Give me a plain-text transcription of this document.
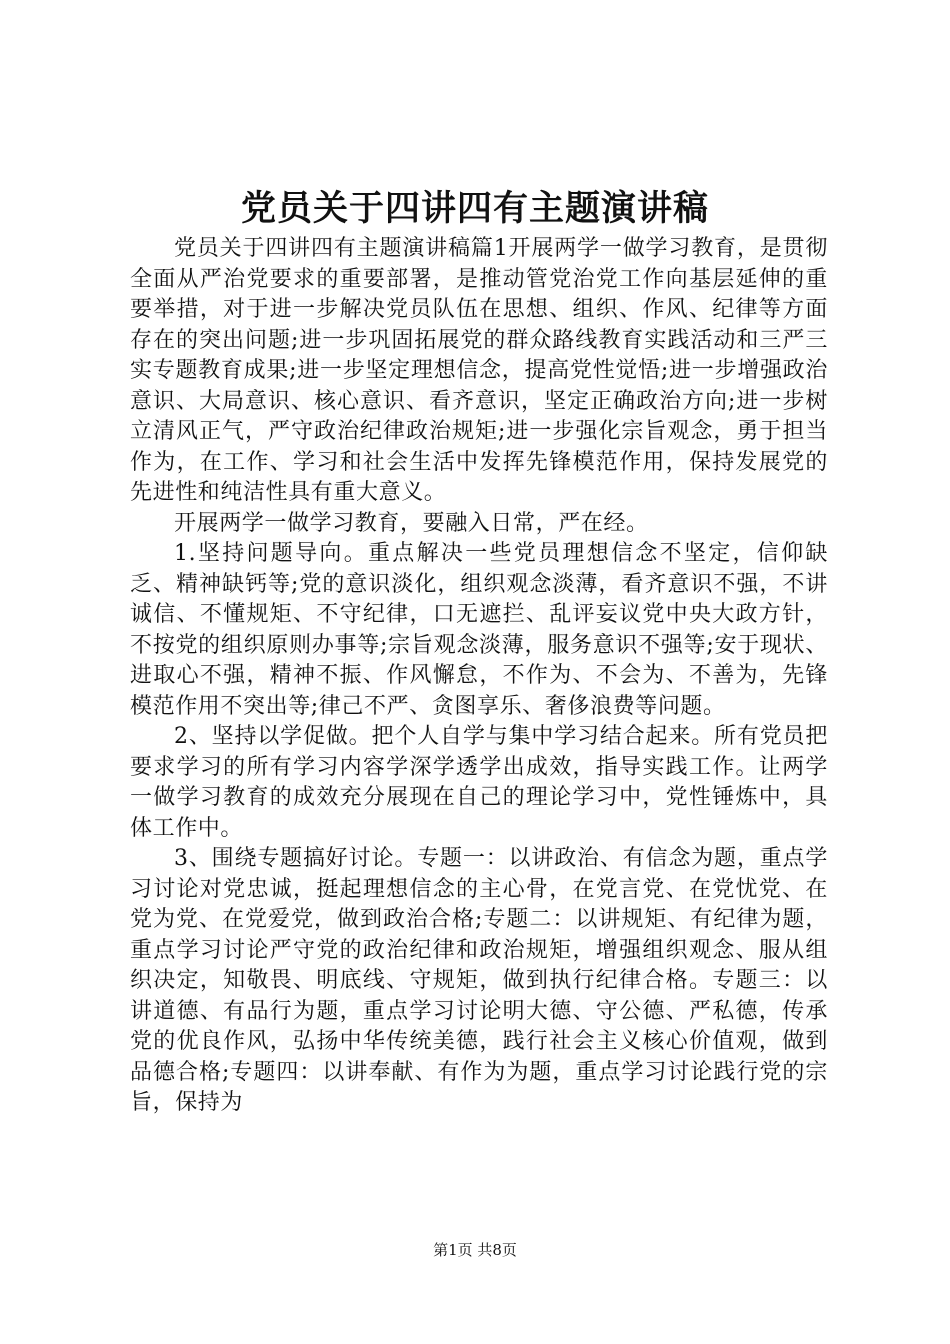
党员关于四讲四有主题演讲稿

党员关于四讲四有主题演讲稿篇1开展两学一做学习教育，是贯彻全面从严治党要求的重要部署，是推动管党治党工作向基层延伸的重要举措，对于进一步解决党员队伍在思想、组织、作风、纪律等方面存在的突出问题;进一步巩固拓展党的群众路线教育实践活动和三严三实专题教育成果;进一步坚定理想信念，提高党性觉悟;进一步增强政治意识、大局意识、核心意识、看齐意识，坚定正确政治方向;进一步树立清风正气，严守政治纪律政治规矩;进一步强化宗旨观念，勇于担当作为，在工作、学习和社会生活中发挥先锋模范作用，保持发展党的先进性和纯洁性具有重大意义。

开展两学一做学习教育，要融入日常，严在经。

1.坚持问题导向。重点解决一些党员理想信念不坚定，信仰缺乏、精神缺钙等;党的意识淡化，组织观念淡薄，看齐意识不强，不讲诚信、不懂规矩、不守纪律，口无遮拦、乱评妄议党中央大政方针，不按党的组织原则办事等;宗旨观念淡薄，服务意识不强等;安于现状、进取心不强，精神不振、作风懈怠，不作为、不会为、不善为，先锋模范作用不突出等;律己不严、贪图享乐、奢侈浪费等问题。

2、坚持以学促做。把个人自学与集中学习结合起来。所有党员把要求学习的所有学习内容学深学透学出成效，指导实践工作。让两学一做学习教育的成效充分展现在自己的理论学习中，党性锤炼中，具体工作中。

3、围绕专题搞好讨论。专题一：以讲政治、有信念为题，重点学习讨论对党忠诚，挺起理想信念的主心骨，在党言党、在党忧党、在党为党、在党爱党，做到政治合格;专题二：以讲规矩、有纪律为题，重点学习讨论严守党的政治纪律和政治规矩，增强组织观念、服从组织决定，知敬畏、明底线、守规矩，做到执行纪律合格。专题三：以讲道德、有品行为题，重点学习讨论明大德、守公德、严私德，传承党的优良作风，弘扬中华传统美德，践行社会主义核心价值观，做到品德合格;专题四：以讲奉献、有作为为题，重点学习讨论践行党的宗旨，保持为

第1页 共8页
